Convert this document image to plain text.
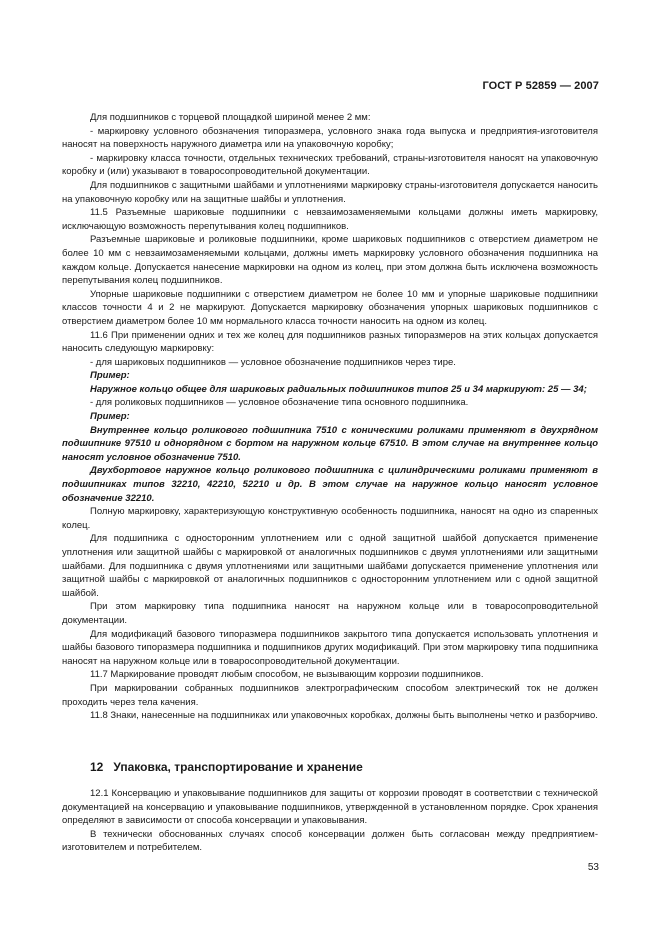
ГОСТ Р 52859 — 2007

Для подшипников с торцевой площадкой шириной менее 2 мм:

- маркировку условного обозначения типоразмера, условного знака года выпуска и предприятия-изготовителя наносят на поверхность наружного диаметра или на упаковочную коробку;

- маркировку класса точности, отдельных технических требований, страны-изготовителя наносят на упаковочную коробку и (или) указывают в товаросопроводительной документации.

Для подшипников с защитными шайбами и уплотнениями маркировку страны-изготовителя допускается наносить на упаковочную коробку или на защитные шайбы и уплотнения.

11.5 Разъемные шариковые подшипники с невзаимозаменяемыми кольцами должны иметь маркировку, исключающую возможность перепутывания колец подшипников.

Разъемные шариковые и роликовые подшипники, кроме шариковых подшипников с отверстием диаметром не более 10 мм с невзаимозаменяемыми кольцами, должны иметь маркировку условного обозначения подшипника на каждом кольце. Допускается нанесение маркировки на одном из колец, при этом должна быть исключена возможность перепутывания колец подшипников.

Упорные шариковые подшипники с отверстием диаметром не более 10 мм и упорные шариковые подшипники классов точности 4 и 2 не маркируют. Допускается маркировку обозначения упорных шариковых подшипников с отверстием диаметром более 10 мм нормального класса точности наносить на одном из колец.

11.6 При применении одних и тех же колец для подшипников разных типоразмеров на этих кольцах допускается наносить следующую маркировку:

- для шариковых подшипников — условное обозначение подшипников через тире.

Пример:

Наружное кольцо общее для шариковых радиальных подшипников типов 25 и 34 маркируют: 25 — 34;

- для роликовых подшипников — условное обозначение типа основного подшипника.

Пример:

Внутреннее кольцо роликового подшипника 7510 с коническими роликами применяют в двухрядном подшипнике 97510 и однорядном с бортом на наружном кольце 67510. В этом случае на внутреннее кольцо наносят условное обозначение 7510.

Двухбортовое наружное кольцо роликового подшипника с цилиндрическими роликами применяют в подшипниках типов 32210, 42210, 52210 и др. В этом случае на наружное кольцо наносят условное обозначение 32210.

Полную маркировку, характеризующую конструктивную особенность подшипника, наносят на одно из спаренных колец.

Для подшипника с односторонним уплотнением или с одной защитной шайбой допускается применение уплотнения или защитной шайбы с маркировкой от аналогичных подшипников с двумя уплотнениями или защитными шайбами. Для подшипника с двумя уплотнениями или защитными шайбами допускается применение уплотнения или защитной шайбы с маркировкой от аналогичных подшипников с односторонним уплотнением или с одной защитной шайбой.

При этом маркировку типа подшипника наносят на наружном кольце или в товаросопроводительной документации.

Для модификаций базового типоразмера подшипников закрытого типа допускается использовать уплотнения и шайбы базового типоразмера подшипника и подшипников других модификаций. При этом маркировку типа подшипника наносят на наружном кольце или в товаросопроводительной документации.

11.7 Маркирование проводят любым способом, не вызывающим коррозии подшипников.

При маркировании собранных подшипников электрографическим способом электрический ток не должен проходить через тела качения.

11.8 Знаки, нанесенные на подшипниках или упаковочных коробках, должны быть выполнены четко и разборчиво.

12 Упаковка, транспортирование и хранение

12.1 Консервацию и упаковывание подшипников для защиты от коррозии проводят в соответствии с технической документацией на консервацию и упаковывание подшипников, утвержденной в установленном порядке. Срок хранения определяют в зависимости от способа консервации и упаковывания.

В технически обоснованных случаях способ консервации должен быть согласован между предприятием-изготовителем и потребителем.

53
